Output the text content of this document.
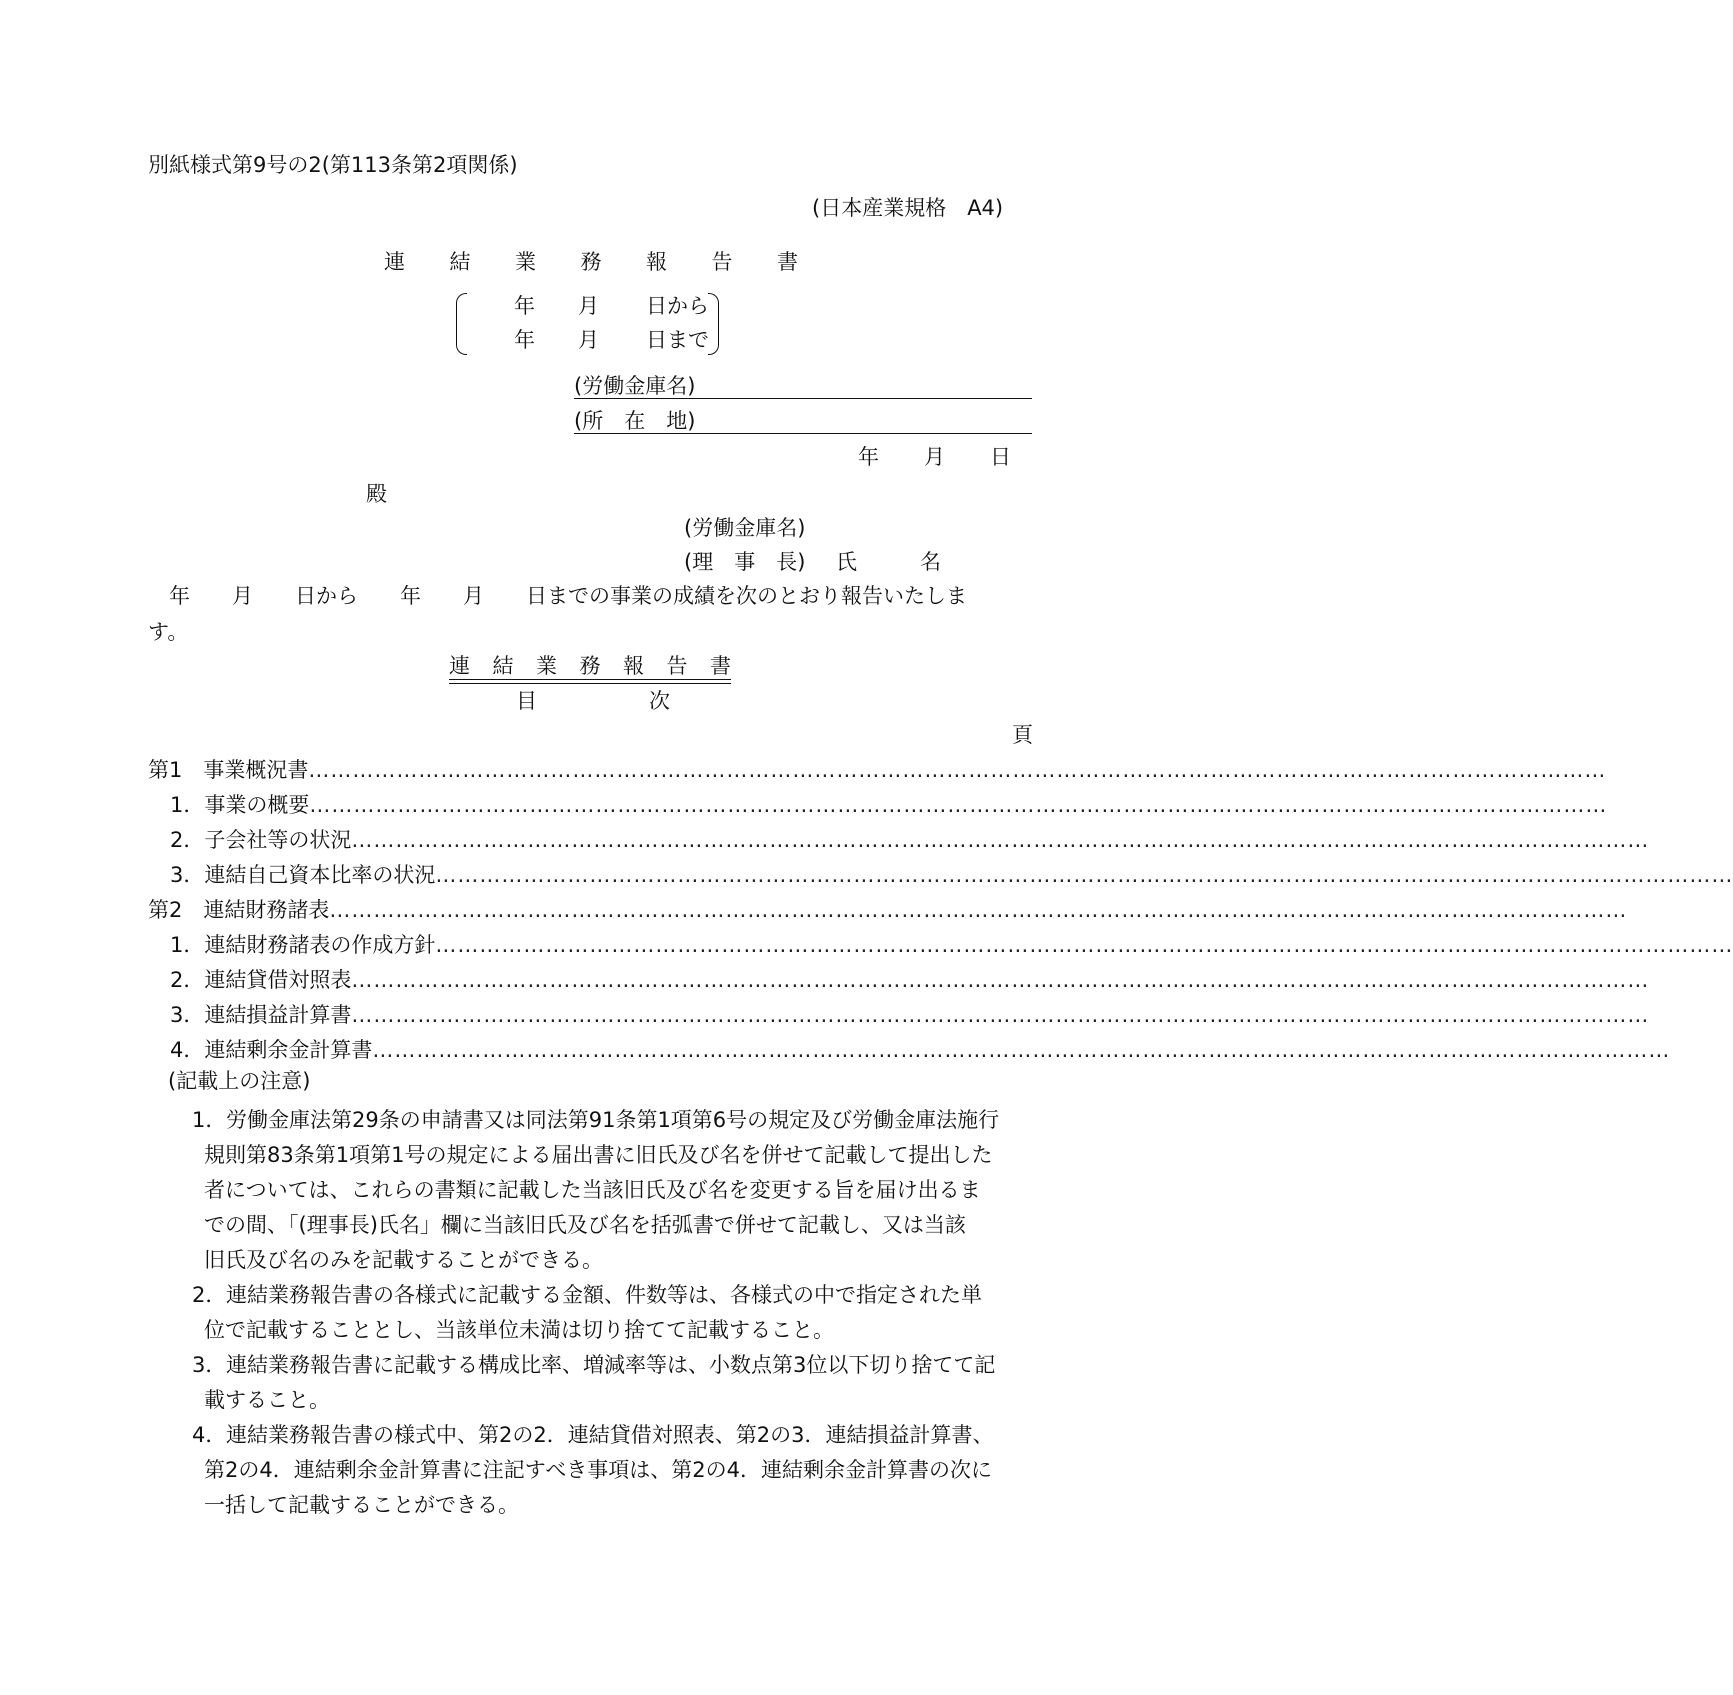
別紙様式第9号の2(第113条第2項関係)
(日本産業規格　A4)
連 結 業 務 報 告 書
年 月 日から
年 月 日まで
(労働金庫名)
(所　在　地)
年 月 日
殿
(労働金庫名)
(理　事　長) 氏　　　名
　年　　月　　日から　　年　　月　　日までの事業の成績を次のとおり報告いたしま
す。
連 結 業 務 報 告 書
目	次
頁
第1　事業概況書 ……………………………………………………………………………………………………………………………………………………………
1．事業の概要 ……………………………………………………………………………………………………………………………………………………………
2．子会社等の状況 ……………………………………………………………………………………………………………………………………………………………
3．連結自己資本比率の状況 ……………………………………………………………………………………………………………………………………………………………
第2　連結財務諸表 ……………………………………………………………………………………………………………………………………………………………
1．連結財務諸表の作成方針 ……………………………………………………………………………………………………………………………………………………………
2．連結貸借対照表 ……………………………………………………………………………………………………………………………………………………………
3．連結損益計算書 ……………………………………………………………………………………………………………………………………………………………
4．連結剰余金計算書 ……………………………………………………………………………………………………………………………………………………………
(記載上の注意)
1． 労働金庫法第29条の申請書又は同法第91条第1項第6号の規定及び労働金庫法施行
規則第83条第1項第1号の規定による届出書に旧氏及び名を併せて記載して提出した
者については、これらの書類に記載した当該旧氏及び名を変更する旨を届け出るま
での間、「(理事長)氏名」欄に当該旧氏及び名を括弧書で併せて記載し、又は当該
旧氏及び名のみを記載することができる。
2． 連結業務報告書の各様式に記載する金額、件数等は、各様式の中で指定された単
位で記載することとし、当該単位未満は切り捨てて記載すること。
3． 連結業務報告書に記載する構成比率、増減率等は、小数点第3位以下切り捨てて記
載すること。
4． 連結業務報告書の様式中、第2の2．連結貸借対照表、第2の3．連結損益計算書、
第2の4．連結剰余金計算書に注記すべき事項は、第2の4．連結剰余金計算書の次に
一括して記載することができる。
